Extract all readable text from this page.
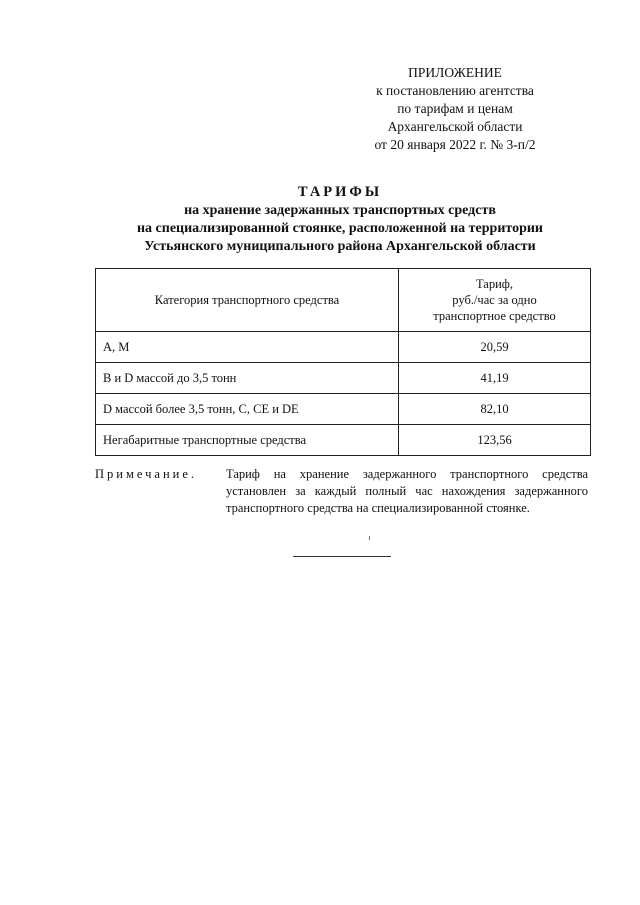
ПРИЛОЖЕНИЕ
к постановлению агентства
по тарифам и ценам
Архангельской области
от 20 января 2022 г. № 3-п/2
ТАРИФЫ
на хранение задержанных транспортных средств
на специализированной стоянке, расположенной на территории
Устьянского муниципального района Архангельской области
Категория транспортного средства	Тариф,
руб./час за одно
транспортное средство

A, M	20,59
B и D массой до 3,5 тонн	41,19
D массой более 3,5 тонн, C, CE и DE	82,10
Негабаритные транспортные средства	123,56
Примечание. Тариф на хранение задержанного транспортного средства установлен за каждый полный час нахождения задержанного транспортного средства на специализированной стоянке.
